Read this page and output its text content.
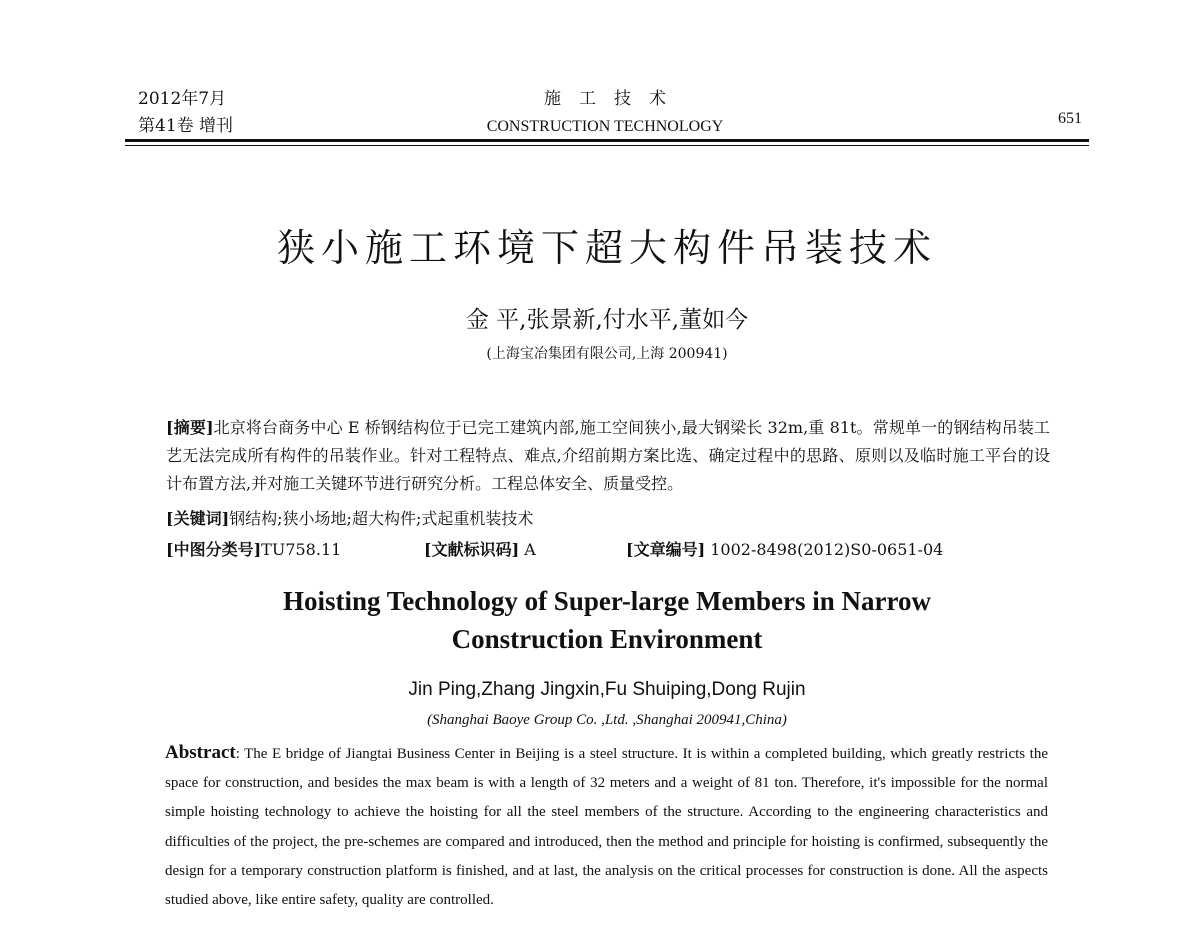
2012年7月
第41卷 增刊
施工技术
CONSTRUCTION TECHNOLOGY	651
狭小施工环境下超大构件吊装技术
金 平,张景新,付水平,董如今
(上海宝冶集团有限公司,上海 200941)
[摘要]北京将台商务中心 E 桥钢结构位于已完工建筑内部,施工空间狭小,最大钢梁长 32m,重 81t。常规单一的钢结构吊装工艺无法完成所有构件的吊装作业。针对工程特点、难点,介绍前期方案比选、确定过程中的思路、原则以及临时施工平台的设计布置方法,并对施工关键环节进行研究分析。工程总体安全、质量受控。
[关键词]钢结构;狭小场地;超大构件;式起重机装技术
[中图分类号]TU758.11	[文献标识码] A	[文章编号] 1002-8498(2012)S0-0651-04
Hoisting Technology of Super-large Members in Narrow
Construction Environment
Jin Ping,Zhang Jingxin,Fu Shuiping,Dong Rujin
(Shanghai Baoye Group Co. ,Ltd. ,Shanghai 200941,China)
Abstract: The E bridge of Jiangtai Business Center in Beijing is a steel structure. It is within a completed building, which greatly restricts the space for construction, and besides the max beam is with a length of 32 meters and a weight of 81 ton. Therefore, it's impossible for the normal simple hoisting technology to achieve the hoisting for all the steel members of the structure. According to the engineering characteristics and difficulties of the project, the pre-schemes are compared and introduced, then the method and principle for hoisting is confirmed, subsequently the design for a temporary construction platform is finished, and at last, the analysis on the critical processes for construction is done. All the aspects studied above, like entire safety, quality are controlled.
